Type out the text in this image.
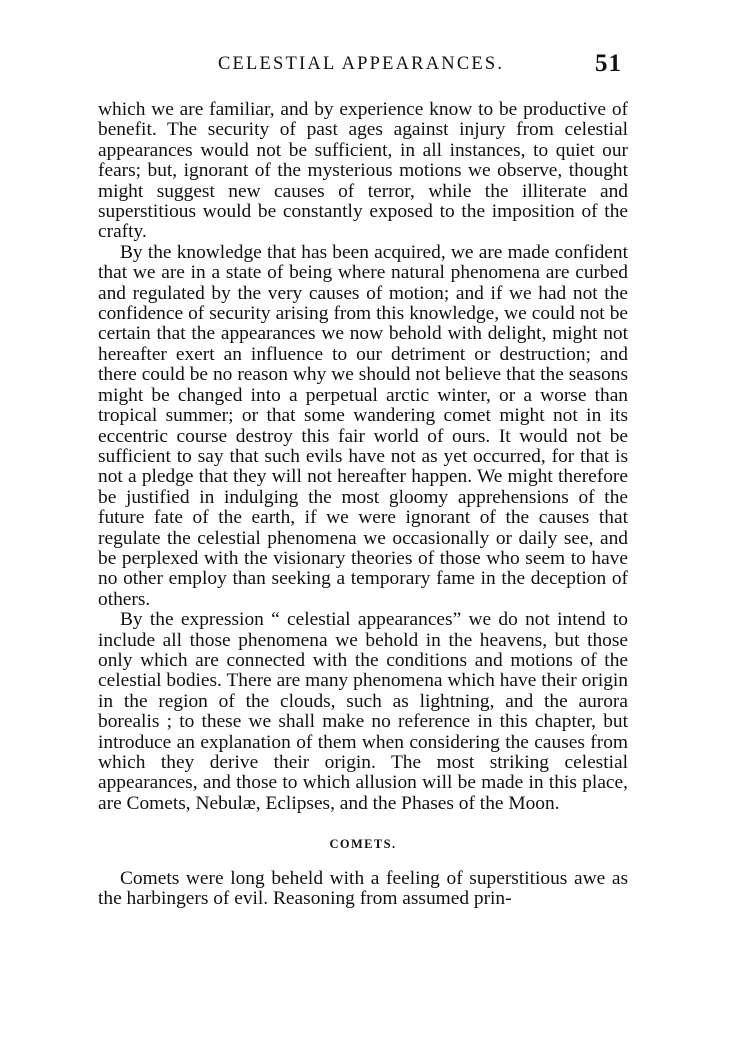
CELESTIAL APPEARANCES.	51

which we are familiar, and by experience know to be productive of benefit. The security of past ages against injury from celestial appearances would not be sufficient, in all instances, to quiet our fears; but, ignorant of the mysterious motions we observe, thought might suggest new causes of terror, while the illiterate and superstitious would be constantly exposed to the imposition of the crafty.

By the knowledge that has been acquired, we are made confident that we are in a state of being where natural phenomena are curbed and regulated by the very causes of motion; and if we had not the confidence of security arising from this knowledge, we could not be certain that the appearances we now behold with delight, might not hereafter exert an influence to our detriment or destruction; and there could be no reason why we should not believe that the seasons might be changed into a perpetual arctic winter, or a worse than tropical summer; or that some wandering comet might not in its eccentric course destroy this fair world of ours. It would not be sufficient to say that such evils have not as yet occurred, for that is not a pledge that they will not hereafter happen. We might therefore be justified in indulging the most gloomy apprehensions of the future fate of the earth, if we were ignorant of the causes that regulate the celestial phenomena we occasionally or daily see, and be perplexed with the visionary theories of those who seem to have no other employ than seeking a temporary fame in the deception of others.

By the expression “ celestial appearances” we do not intend to include all those phenomena we behold in the heavens, but those only which are connected with the conditions and motions of the celestial bodies. There are many phenomena which have their origin in the region of the clouds, such as lightning, and the aurora borealis ; to these we shall make no reference in this chapter, but introduce an explanation of them when considering the causes from which they derive their origin. The most striking celestial appearances, and those to which allusion will be made in this place, are Comets, Nebulæ, Eclipses, and the Phases of the Moon.

COMETS.

Comets were long beheld with a feeling of superstitious awe as the harbingers of evil. Reasoning from assumed prin-
